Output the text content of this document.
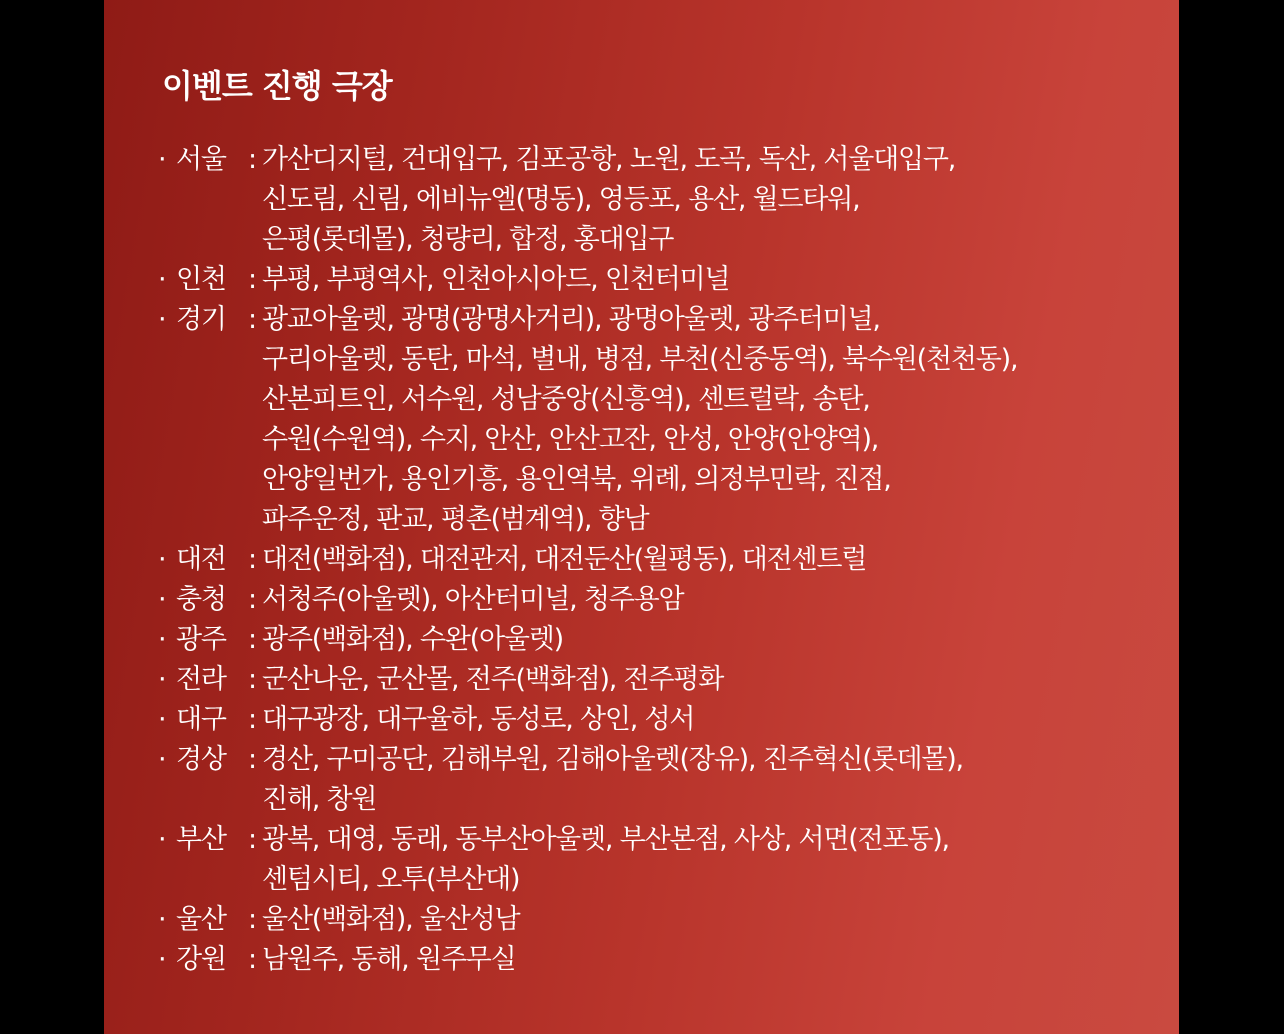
이벤트 진행 극장
· 서울 : 가산디지털, 건대입구, 김포공항, 노원, 도곡, 독산, 서울대입구,
신도림, 신림, 에비뉴엘(명동), 영등포, 용산, 월드타워,
은평(롯데몰), 청량리, 합정, 홍대입구
· 인천 : 부평, 부평역사, 인천아시아드, 인천터미널
· 경기 : 광교아울렛, 광명(광명사거리), 광명아울렛, 광주터미널,
구리아울렛, 동탄, 마석, 별내, 병점, 부천(신중동역), 북수원(천천동),
산본피트인, 서수원, 성남중앙(신흥역), 센트럴락, 송탄,
수원(수원역), 수지, 안산, 안산고잔, 안성, 안양(안양역),
안양일번가, 용인기흥, 용인역북, 위례, 의정부민락, 진접,
파주운정, 판교, 평촌(범계역), 향남
· 대전 : 대전(백화점), 대전관저, 대전둔산(월평동), 대전센트럴
· 충청 : 서청주(아울렛), 아산터미널, 청주용암
· 광주 : 광주(백화점), 수완(아울렛)
· 전라 : 군산나운, 군산몰, 전주(백화점), 전주평화
· 대구 : 대구광장, 대구율하, 동성로, 상인, 성서
· 경상 : 경산, 구미공단, 김해부원, 김해아울렛(장유), 진주혁신(롯데몰),
진해, 창원
· 부산 : 광복, 대영, 동래, 동부산아울렛, 부산본점, 사상, 서면(전포동),
센텀시티, 오투(부산대)
· 울산 : 울산(백화점), 울산성남
· 강원 : 남원주, 동해, 원주무실
